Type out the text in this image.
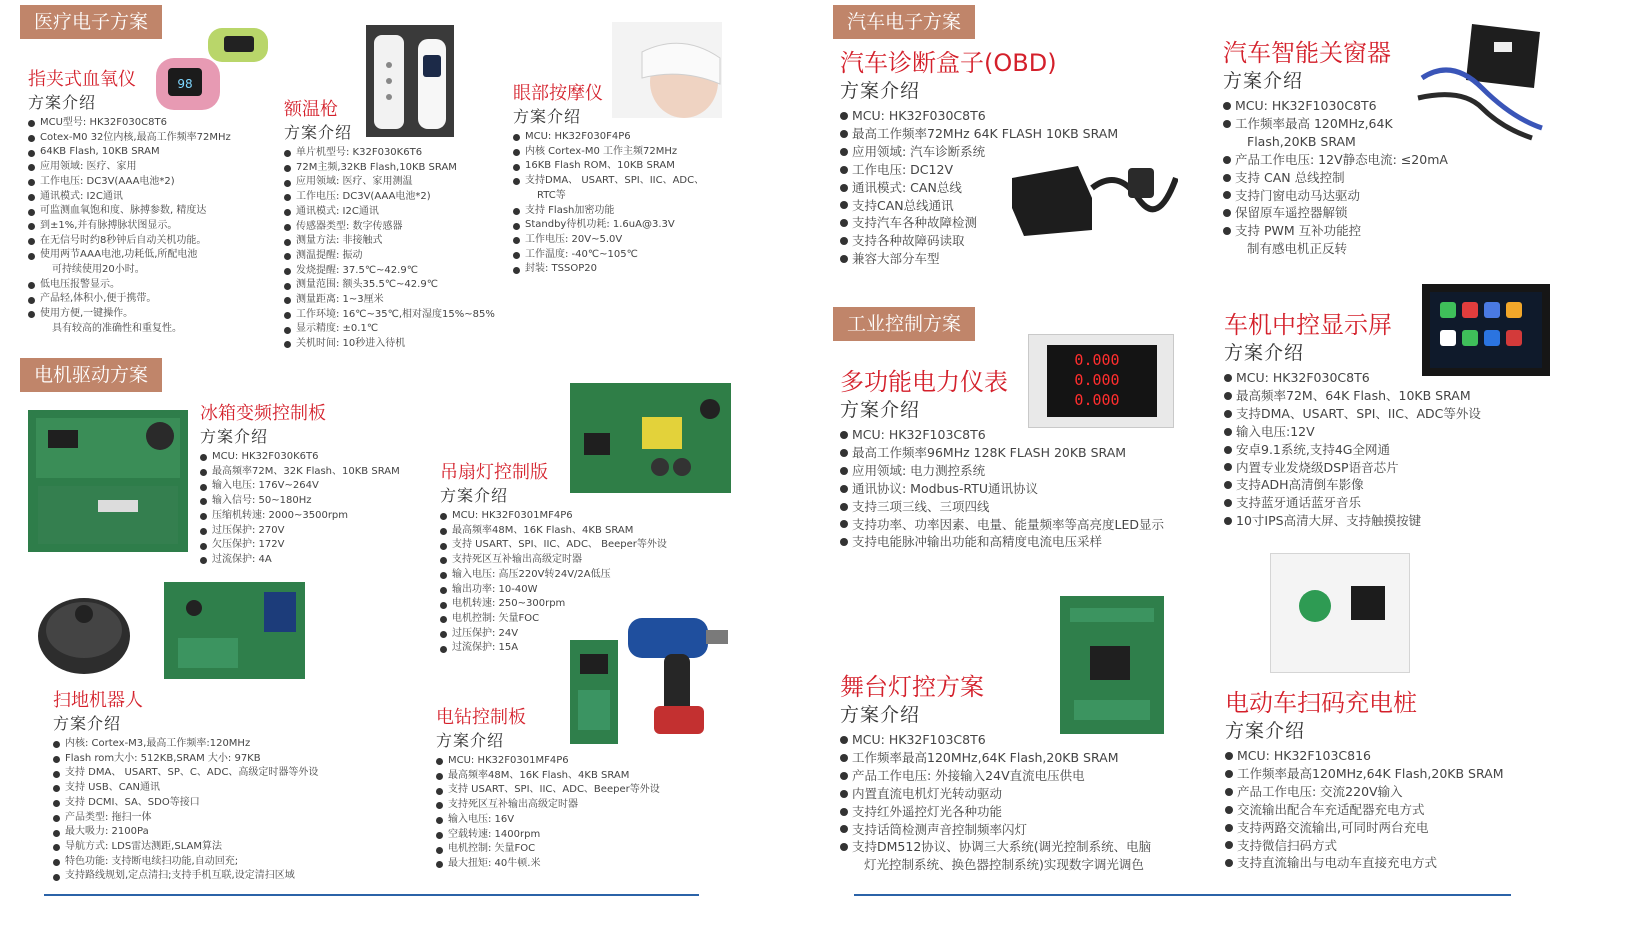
医疗电子方案
电机驱动方案
汽车电子方案
工业控制方案
98
0.000
0.000
0.000
指夹式血氧仪
方案介绍
MCU型号: HK32F030C8T6
Cotex-M0 32位内核,最高工作频率72MHz
64KB Flash, 10KB SRAM
应用领域: 医疗、家用
工作电压: DC3V(AAA电池*2)
通讯模式: I2C通讯
可监测血氧饱和度、脉搏参数, 精度达
到±1%,并有脉搏脉状图显示。
在无信号时约8秒钟后自动关机功能。
使用两节AAA电池,功耗低,所配电池
可持续使用20小时。
低电压报警显示。
产品轻,体积小,便于携带。
使用方便,一键操作。
具有较高的准确性和重复性。
额温枪
方案介绍
单片机型号: K32F030K6T6
72M主频,32KB Flash,10KB SRAM
应用领域: 医疗、家用测温
工作电压: DC3V(AAA电池*2)
通讯模式: I2C通讯
传感器类型: 数字传感器
测量方法: 非接触式
测温提醒: 振动
发烧提醒: 37.5℃~42.9℃
测量范围: 额头35.5℃~42.9℃
测量距离: 1~3厘米
工作环境: 16℃~35℃,相对湿度15%~85%
显示精度: ±0.1℃
关机时间: 10秒进入待机
眼部按摩仪
方案介绍
MCU: HK32F030F4P6
内核 Cortex-M0 工作主频72MHz
16KB Flash ROM、10KB SRAM
支持DMA、 USART、SPI、IIC、ADC、
RTC等
支持 Flash加密功能
Standby待机功耗: 1.6uA@3.3V
工作电压: 20V~5.0V
工作温度: -40℃~105℃
封装: TSSOP20
冰箱变频控制板
方案介绍
MCU: HK32F030K6T6
最高频率72M、32K Flash、10KB SRAM
输入电压: 176V~264V
输入信号: 50~180Hz
压缩机转速: 2000~3500rpm
过压保护: 270V
欠压保护: 172V
过流保护: 4A
吊扇灯控制版
方案介绍
MCU: HK32F0301MF4P6
最高频率48M、16K Flash、4KB SRAM
支持 USART、SPI、IIC、ADC、 Beeper等外设
支持死区互补输出高级定时器
输入电压: 高压220V转24V/2A低压
输出功率: 10-40W
电机转速: 250~300rpm
电机控制: 矢量FOC
过压保护: 24V
过流保护: 15A
扫地机器人
方案介绍
内核: Cortex-M3,最高工作频率:120MHz
Flash rom大小: 512KB,SRAM 大小: 97KB
支持 DMA、 USART、SP、C、ADC、高级定时器等外设
支持 USB、CAN通讯
支持 DCMI、SA、SDO等接口
产品类型: 拖扫一体
最大吸力: 2100Pa
导航方式: LDS雷达测距,SLAM算法
特色功能: 支持断电续扫功能,自动回充;
支持路线规划,定点清扫;支持手机互联,设定清扫区域
电钻控制板
方案介绍
MCU: HK32F0301MF4P6
最高频率48M、16K Flash、4KB SRAM
支持 USART、SPI、IIC、ADC、Beeper等外设
支持死区互补输出高级定时器
输入电压: 16V
空载转速: 1400rpm
电机控制: 矢量FOC
最大扭矩: 40牛顿.米
汽车诊断盒子(OBD)
方案介绍
MCU: HK32F030C8T6
最高工作频率72MHz 64K FLASH 10KB SRAM
应用领域: 汽车诊断系统
工作电压: DC12V
通讯模式: CAN总线
支持CAN总线通讯
支持汽车各种故障检测
支持各种故障码读取
兼容大部分车型
汽车智能关窗器
方案介绍
MCU: HK32F1030C8T6
工作频率最高 120MHz,64K
Flash,20KB SRAM
产品工作电压: 12V静态电流: ≤20mA
支持 CAN 总线控制
支持门窗电动马达驱动
保留原车遥控器解锁
支持 PWM 互补功能控
制有感电机正反转
多功能电力仪表
方案介绍
MCU: HK32F103C8T6
最高工作频率96MHz 128K FLASH 20KB SRAM
应用领域: 电力测控系统
通讯协议: Modbus-RTU通讯协议
支持三项三线、三项四线
支持功率、功率因素、电量、能量频率等高亮度LED显示
支持电能脉冲输出功能和高精度电流电压采样
车机中控显示屏
方案介绍
MCU: HK32F030C8T6
最高频率72M、64K Flash、10KB SRAM
支持DMA、USART、SPI、IIC、ADC等外设
输入电压:12V
安卓9.1系统,支持4G全网通
内置专业发烧级DSP语音芯片
支持ADH高清倒车影像
支持蓝牙通话蓝牙音乐
10寸IPS高清大屏、支持触摸按键
舞台灯控方案
方案介绍
MCU: HK32F103C8T6
工作频率最高120MHz,64K Flash,20KB SRAM
产品工作电压: 外接输入24V直流电压供电
内置直流电机灯光转动驱动
支持红外遥控灯光各种功能
支持话筒检测声音控制频率闪灯
支持DM512协议、协调三大系统(调光控制系统、电脑
灯光控制系统、换色器控制系统)实现数字调光调色
电动车扫码充电桩
方案介绍
MCU: HK32F103C816
工作频率最高120MHz,64K Flash,20KB SRAM
产品工作电压: 交流220V输入
交流输出配合车充适配器充电方式
支持两路交流输出,可同时两台充电
支持微信扫码方式
支持直流输出与电动车直接充电方式
